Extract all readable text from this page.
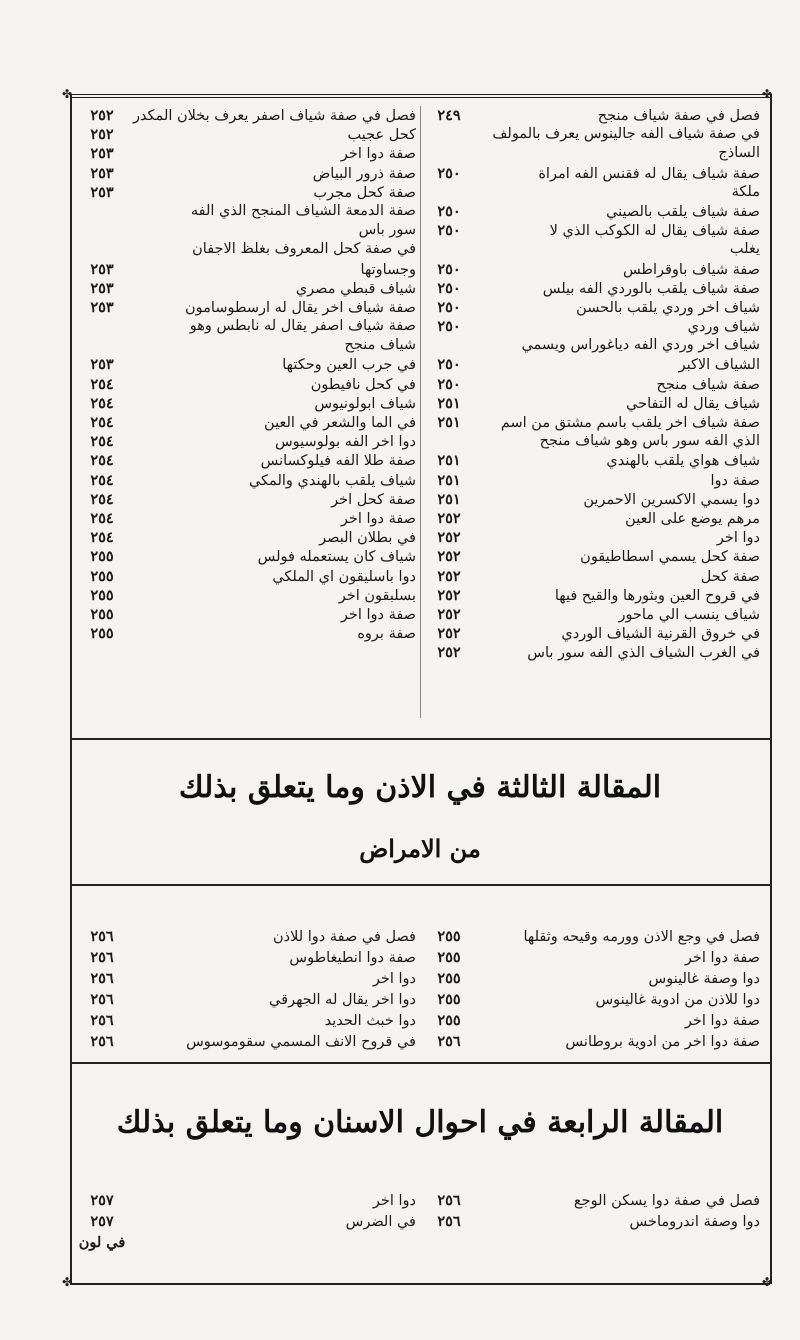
✤	✤
✤	✤
فصل في صفة شياف منجح
٢٤٩
في صفة شياف الفه جالينوس يعرف بالمولف
الساذج
صفة شياف يقال له فقنس الفه امراة
٢٥٠
ملكة
صفة شياف يلقب بالصيني
٢٥٠
صفة شياف يقال له الكوكب الذي لا
٢٥٠
يغلب
صفة شياف باوقراطس
٢٥٠
صفة شياف يلقب بالوردي الفه بيلس
٢٥٠
شياف اخر وردي يلقب بالحسن
٢٥٠
شياف وردي
٢٥٠
شياف اخر وردي الفه دياغوراس ويسمي
الشياف الاكبر
٢٥٠
صفة شياف منجح
٢٥٠
شياف يقال له التفاحي
٢٥١
صفة شياف اخر يلقب باسم مشتق من اسم
٢٥١
الذي الفه سور باس وهو شياف منجح
شياف هواي يلقب بالهندي
٢٥١
صفة دوا
٢٥١
دوا يسمي الاكسرين الاحمرين
٢٥١
مرهم يوضع على العين
٢٥٢
دوا اخر
٢٥٢
صفة كحل يسمي اسطاطيقون
٢٥٢
صفة كحل
٢٥٢
في قروح العين وبثورها والقيح فيها
٢٥٢
شياف ينسب الي ماحور
٢٥٢
في خروق القرنية الشياف الوردي
٢٥٢
في الغرب الشياف الذي الفه سور باس
٢٥٢
فصل في صفة شياف اصفر يعرف بخلان المكدر
٢٥٢
كحل عجيب
٢٥٢
صفة دوا اخر
٢٥٣
صفة ذرور البياض
٢٥٣
صفة كحل مجرب
٢٥٣
صفة الدمعة الشياف المنجح الذي الفه
سور باس
في صفة كحل المعروف بغلظ الاجفان
وجساوتها
٢٥٣
شياف قبطي مصري
٢٥٣
صفة شياف اخر يقال له ارسطوسامون
٢٥٣
صفة شياف اصفر يقال له نابطس وهو
شياف منجح
في جرب العين وحكتها
٢٥٣
في كحل نافيطون
٢٥٤
شياف ابولونيوس
٢٥٤
في الما والشعر في العين
٢٥٤
دوا اخر الفه بولوسيوس
٢٥٤
صفة طلا الفه فيلوكسانس
٢٥٤
شياف يلقب بالهندي والمكي
٢٥٤
صفة كحل اخر
٢٥٤
صفة دوا اخر
٢٥٤
في بطلان البصر
٢٥٤
شياف كان يستعمله فولس
٢٥٥
دوا باسليقون اي الملكي
٢٥٥
بسلبقون اخر
٢٥٥
صفة دوا اخر
٢٥٥
صفة بروه
٢٥٥
المقالة الثالثة في الاذن وما يتعلق بذلك
من الامراض
فصل في وجع الاذن وورمه وقيحه وثقلها
٢٥٥
صفة دوا اخر
٢٥٥
دوا وصفة غالينوس
٢٥٥
دوا للاذن من ادوية غالينوس
٢٥٥
صفة دوا اخر
٢٥٥
صفة دوا اخر من ادوية بروطانس
٢٥٦
فصل في صفة دوا للاذن
٢٥٦
صفة دوا انطيغاطوس
٢٥٦
دوا اخر
٢٥٦
دوا اخر يقال له الجهرقي
٢٥٦
دوا خبث الحديد
٢٥٦
في قروح الانف المسمي سقوموسوس
٢٥٦
المقالة الرابعة في احوال الاسنان وما يتعلق بذلك
فصل في صفة دوا يسكن الوجع
٢٥٦
دوا وصفة اندروماخس
٢٥٦
دوا اخر
٢٥٧
في الضرس
٢٥٧
في لون
